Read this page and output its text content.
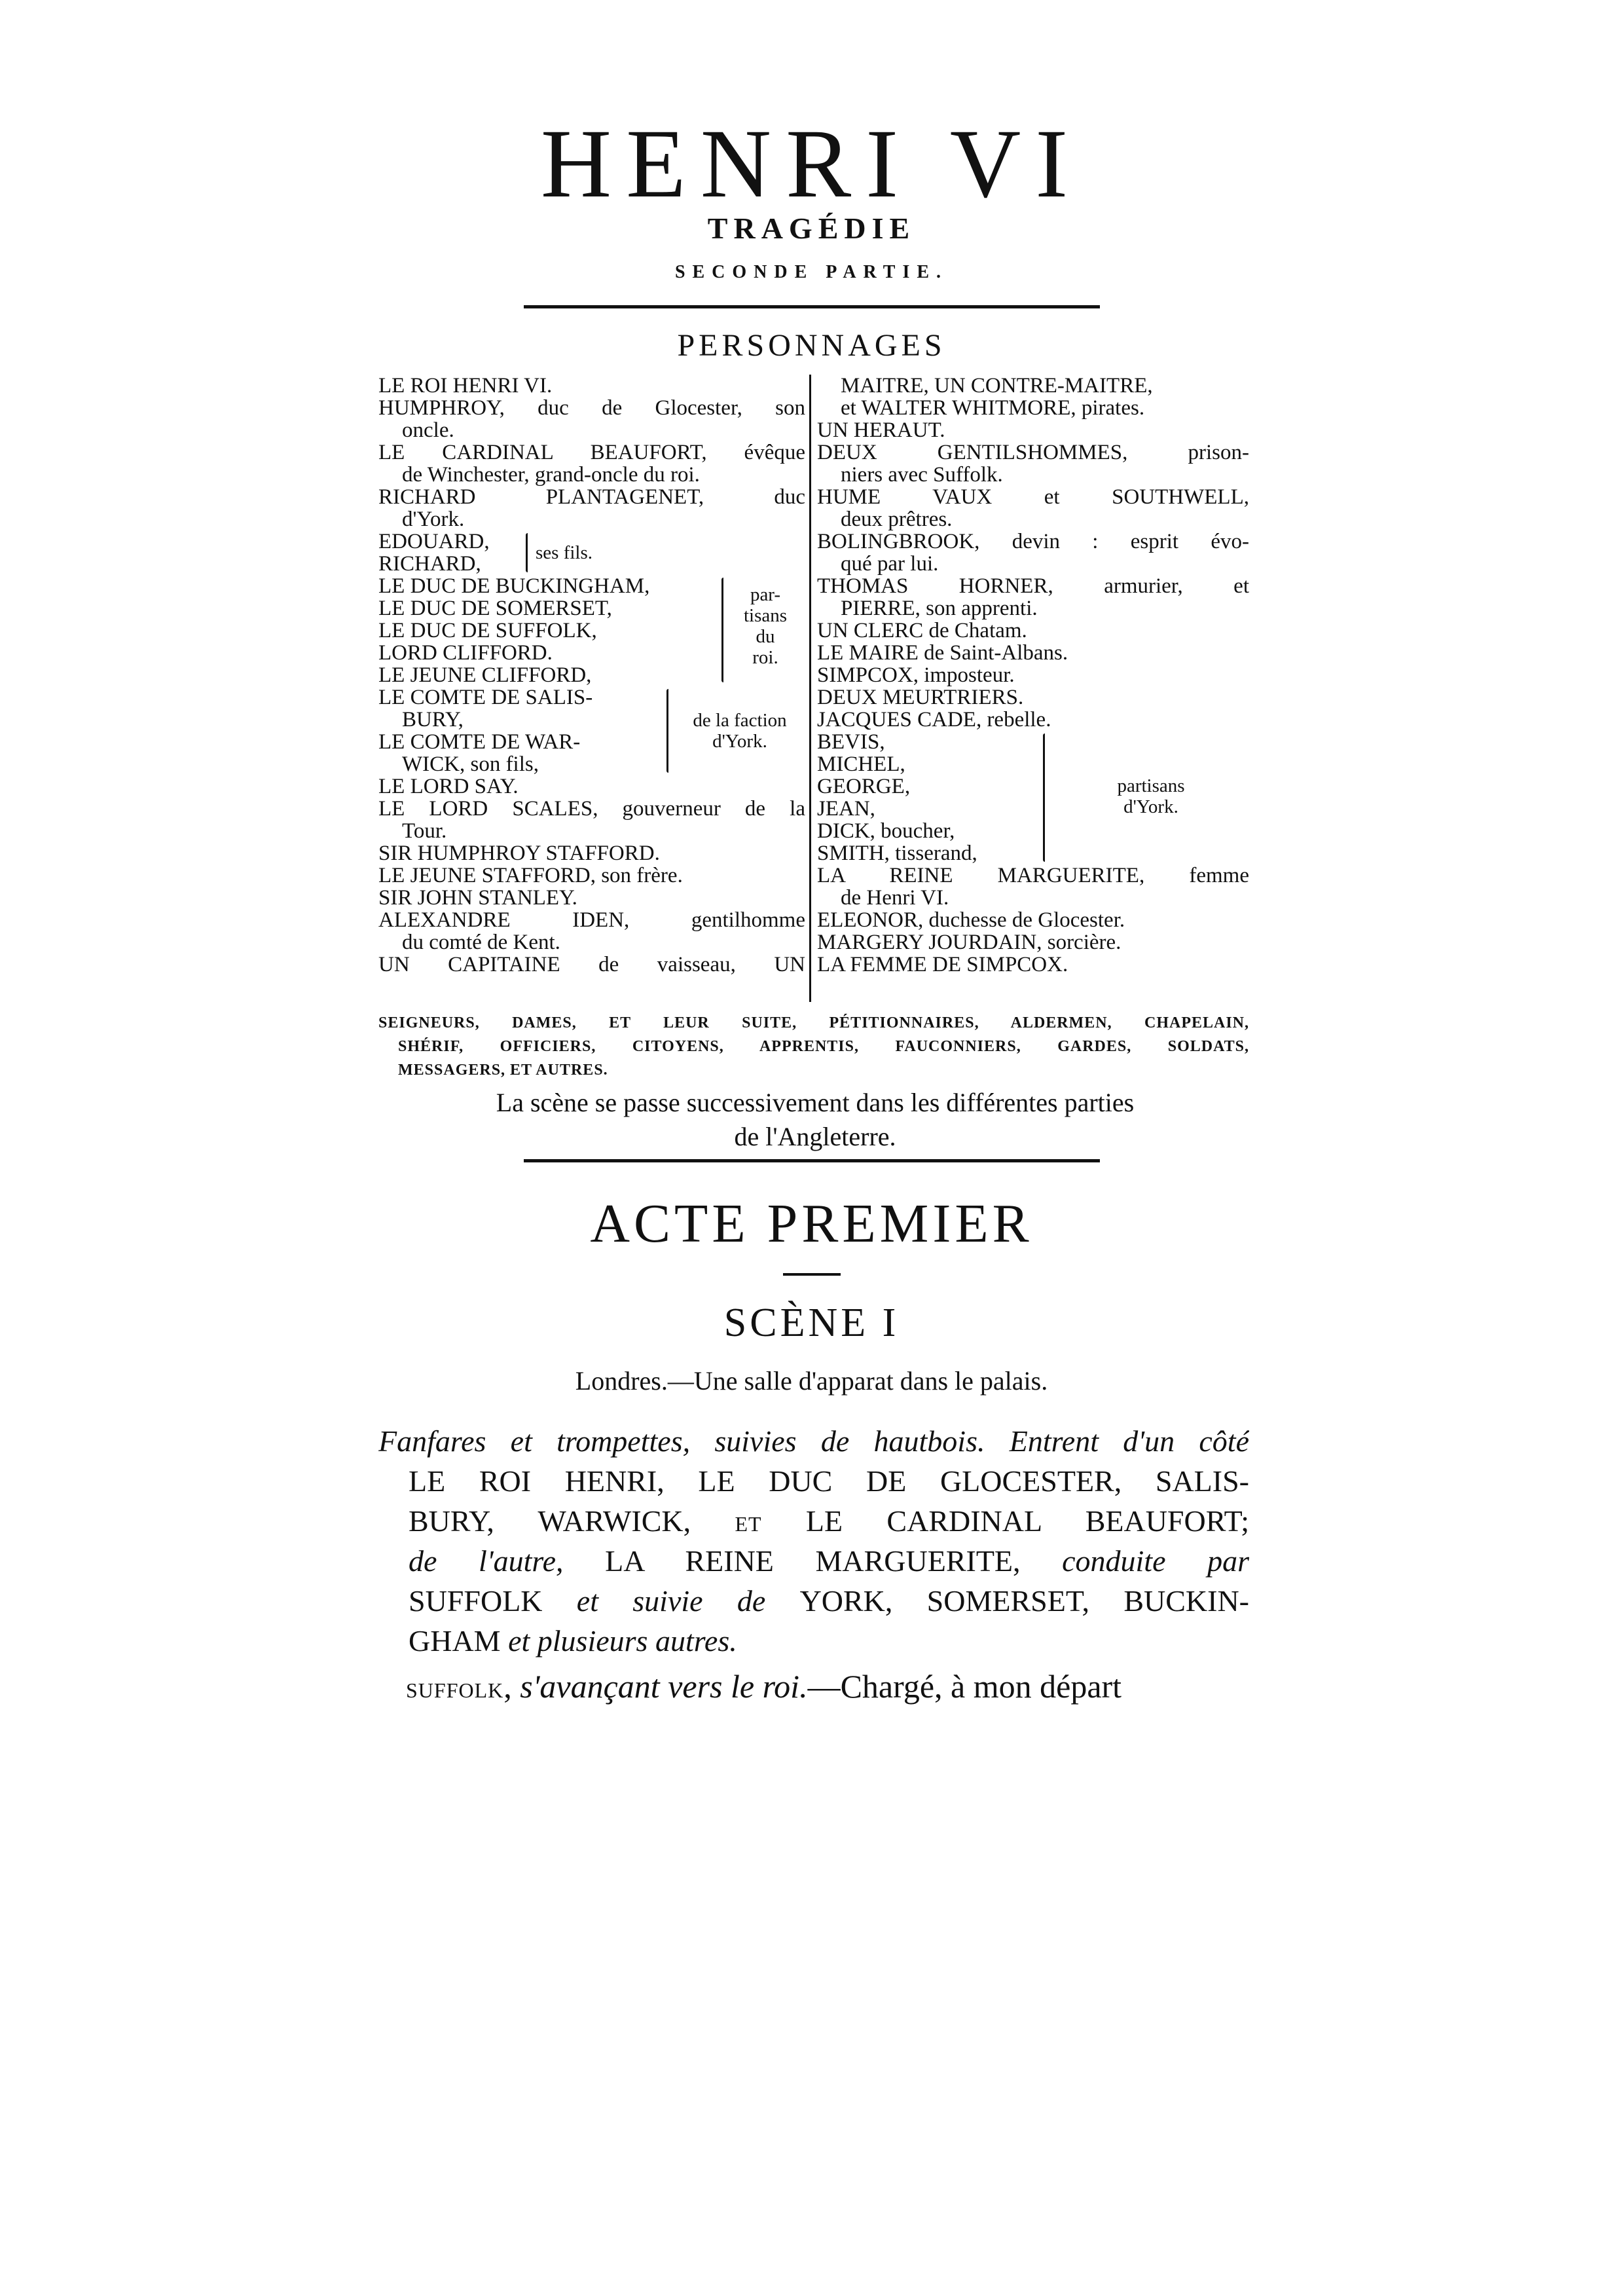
HENRI VI
TRAGÉDIE
SECONDE PARTIE.
PERSONNAGES
LE ROI HENRI VI.
HUMPHROY, duc de Glocester, son
oncle.
LE CARDINAL BEAUFORT, évêque
de Winchester, grand-oncle du roi.
RICHARD PLANTAGENET, duc
d'York.
EDOUARD,
RICHARD,	ses fils.
LE DUC DE BUCKINGHAM,
LE DUC DE SOMERSET,
LE DUC DE SUFFOLK,
LORD CLIFFORD.
LE JEUNE CLIFFORD,
par-
tisans
du
roi.
LE COMTE DE SALIS-
BURY,
LE COMTE DE WAR-
WICK, son fils,
de la faction
d'York.
LE LORD SAY.
LE LORD SCALES, gouverneur de la
Tour.
SIR HUMPHROY STAFFORD.
LE JEUNE STAFFORD, son frère.
SIR JOHN STANLEY.
ALEXANDRE IDEN, gentilhomme
du comté de Kent.
UN CAPITAINE de vaisseau, UN
MAITRE, UN CONTRE-MAITRE,
et WALTER WHITMORE, pirates.
UN HERAUT.
DEUX GENTILSHOMMES, prison-
niers avec Suffolk.
HUME VAUX et SOUTHWELL,
deux prêtres.
BOLINGBROOK, devin : esprit évo-
qué par lui.
THOMAS HORNER, armurier, et
PIERRE, son apprenti.
UN CLERC de Chatam.
LE MAIRE de Saint-Albans.
SIMPCOX, imposteur.
DEUX MEURTRIERS.
JACQUES CADE, rebelle.
BEVIS,
MICHEL,
GEORGE,
JEAN,
DICK, boucher,
SMITH, tisserand,
partisans
d'York.
LA REINE MARGUERITE, femme
de Henri VI.
ELEONOR, duchesse de Glocester.
MARGERY JOURDAIN, sorcière.
LA FEMME DE SIMPCOX.
SEIGNEURS, DAMES, ET LEUR SUITE, PÉTITIONNAIRES, ALDERMEN, CHAPELAIN,
SHÉRIF, OFFICIERS, CITOYENS, APPRENTIS, FAUCONNIERS, GARDES, SOLDATS,
MESSAGERS, ET AUTRES.
La scène se passe successivement dans les différentes parties
de l'Angleterre.
ACTE PREMIER
SCÈNE I
Londres.—Une salle d'apparat dans le palais.
Fanfares et trompettes, suivies de hautbois. Entrent d'un côté
LE ROI HENRI, LE DUC DE GLOCESTER, SALIS-
BURY, WARWICK, ET LE CARDINAL BEAUFORT;
de l'autre, LA REINE MARGUERITE, conduite par
SUFFOLK et suivie de YORK, SOMERSET, BUCKIN-
GHAM et plusieurs autres.
SUFFOLK, s'avançant vers le roi.—Chargé, à mon départ
